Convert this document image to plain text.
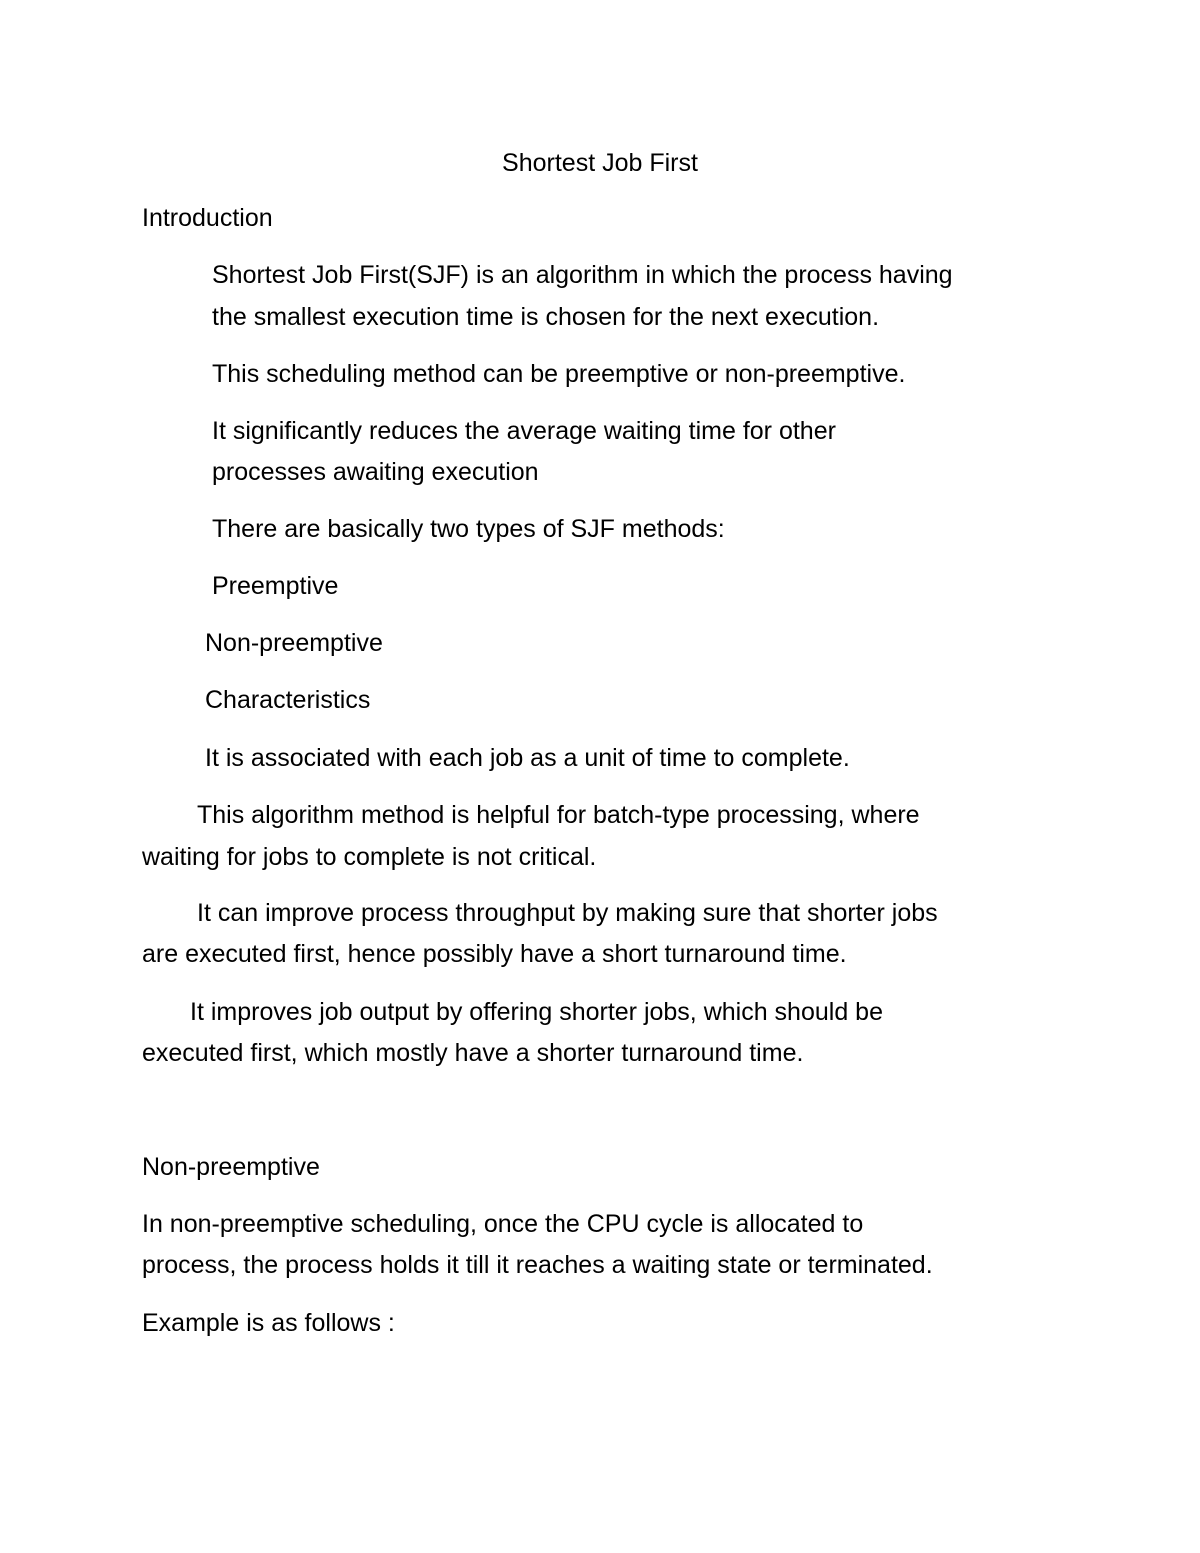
Shortest Job First

Introduction

Shortest Job First(SJF) is an algorithm in which the process having

the smallest execution time is chosen for the next execution.

This scheduling method can be preemptive or non-preemptive.

It significantly reduces the average waiting time for other

processes awaiting execution

There are basically two types of SJF methods:

Preemptive

Non-preemptive

Characteristics

It is associated with each job as a unit of time to complete.

This algorithm method is helpful for batch-type processing, where

waiting for jobs to complete is not critical.

It can improve process throughput by making sure that shorter jobs

are executed first, hence possibly have a short turnaround time.

It improves job output by offering shorter jobs, which should be

executed first, which mostly have a shorter turnaround time.

Non-preemptive

In non-preemptive scheduling, once the CPU cycle is allocated to

process, the process holds it till it reaches a waiting state or terminated.

Example is as follows :
